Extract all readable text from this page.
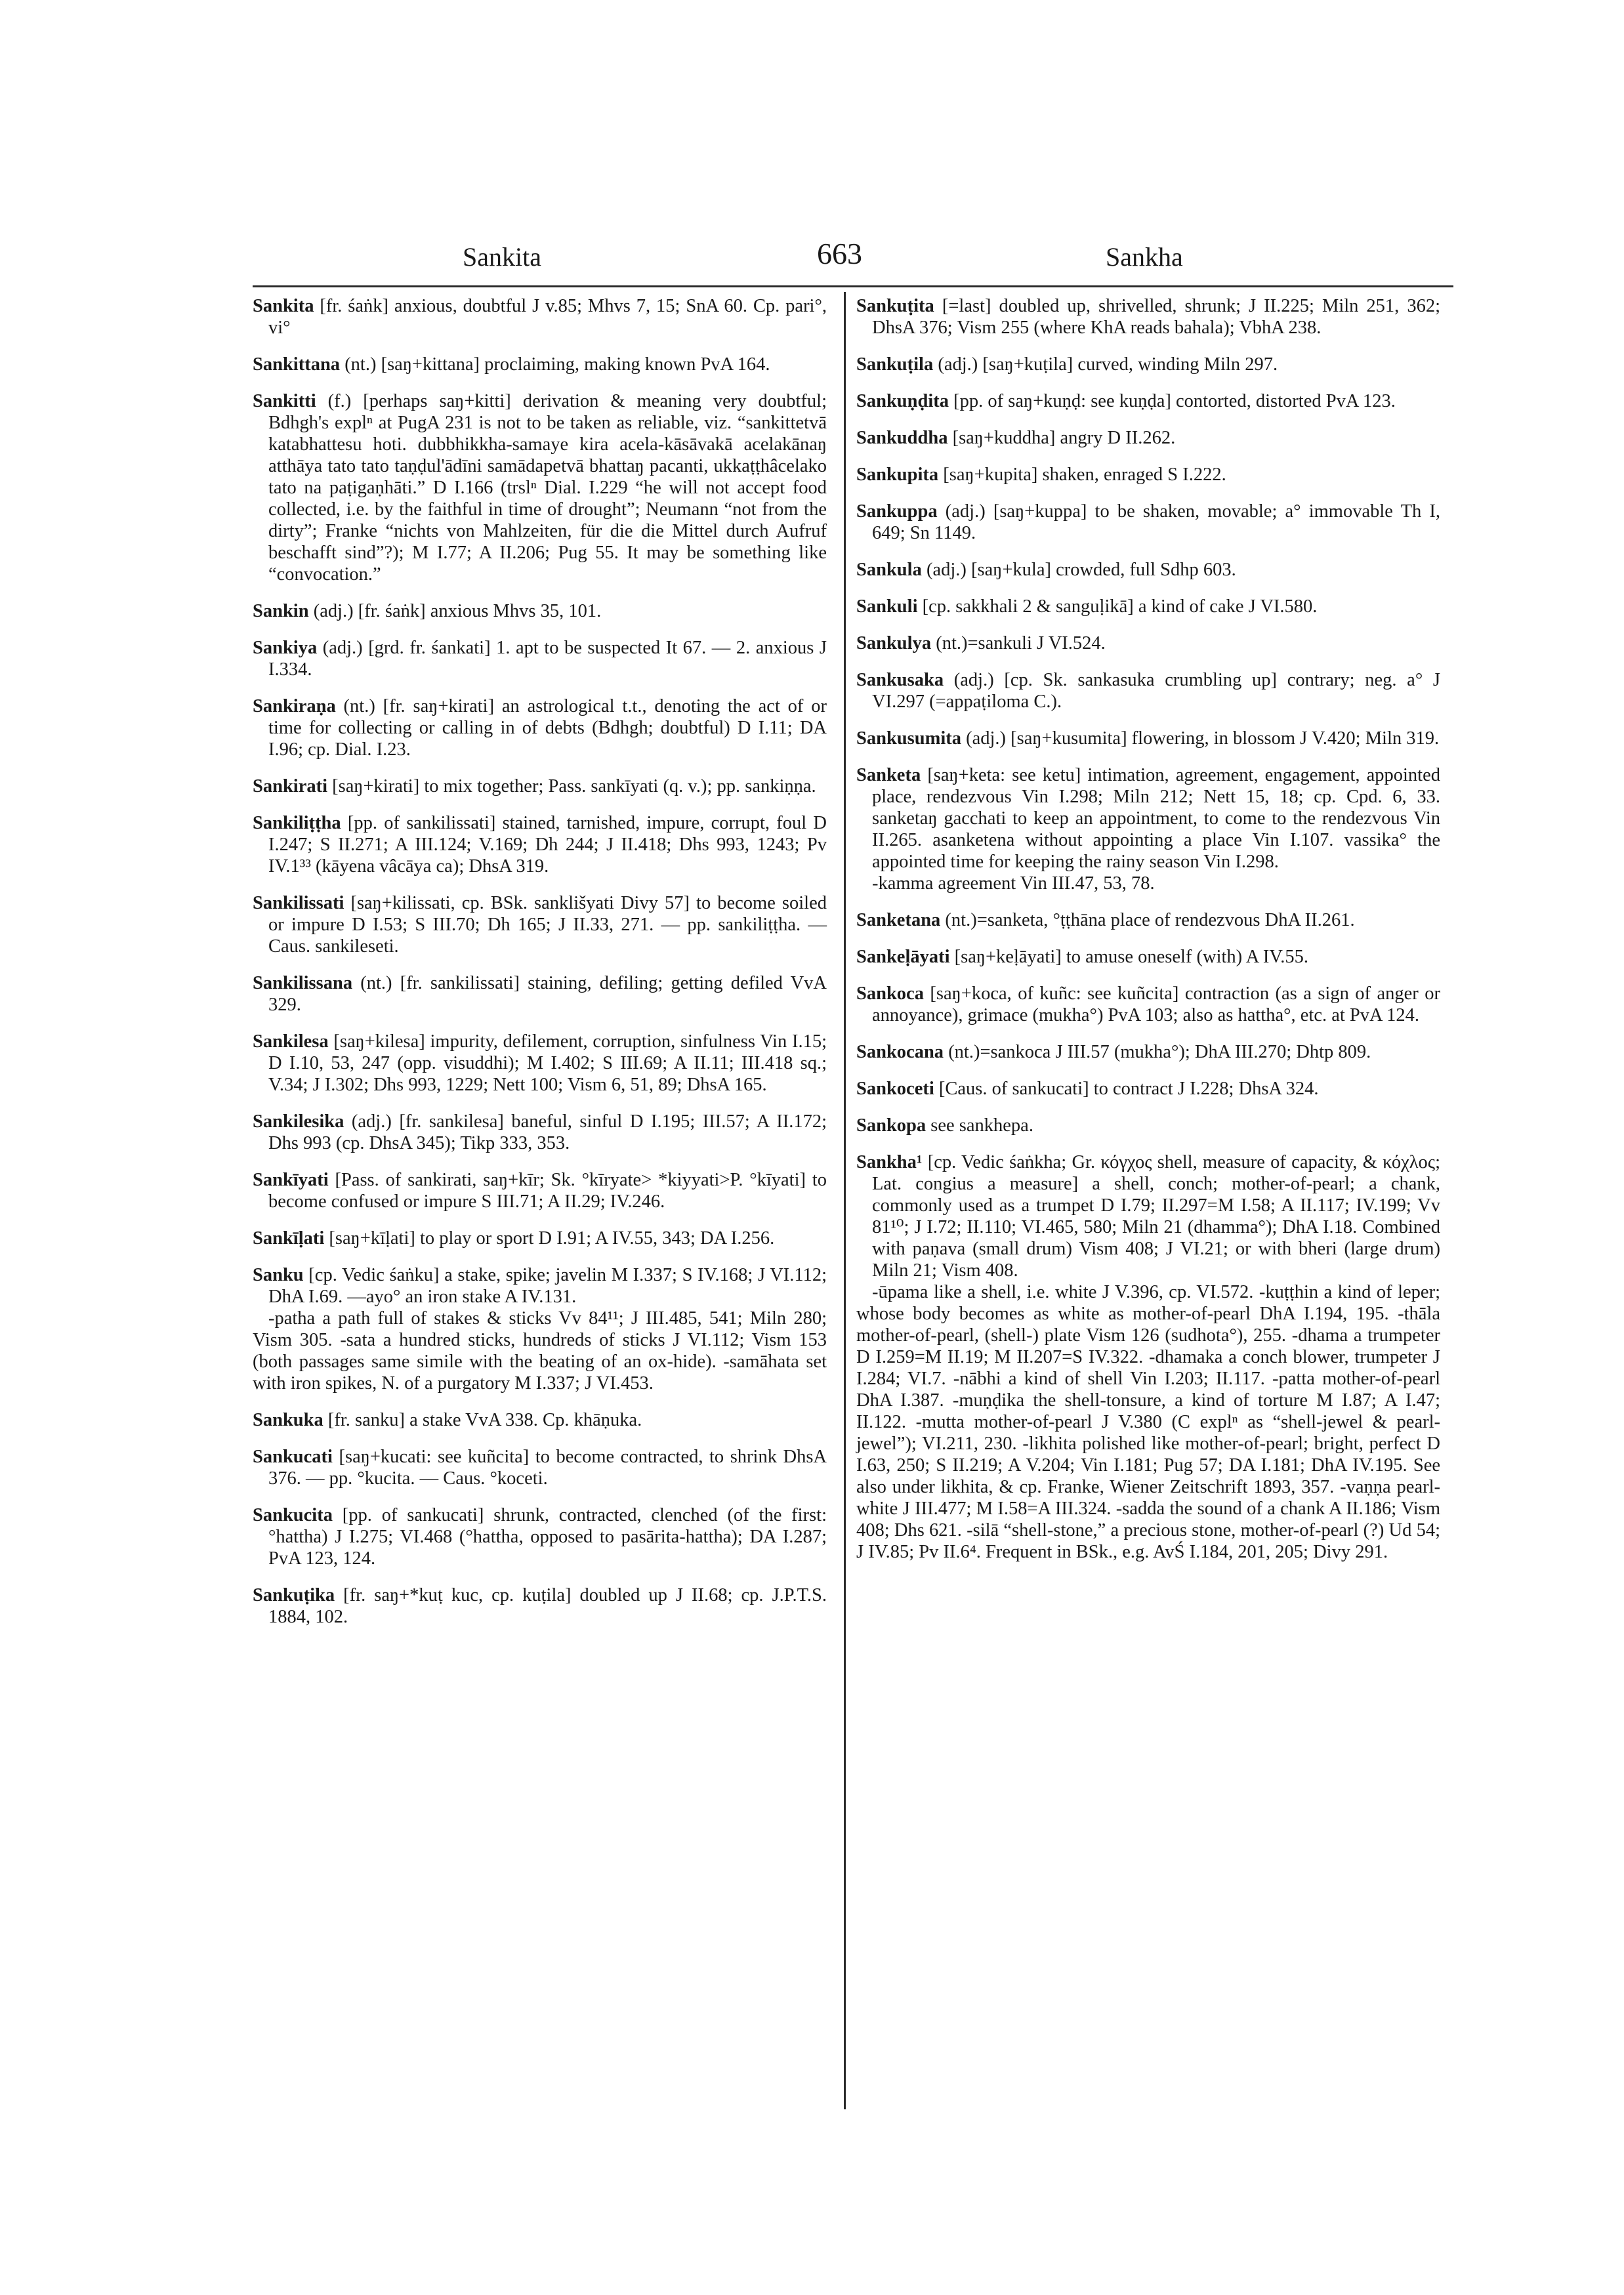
Sankita	663	Sankha

Sankita [fr. śaṅk] anxious, doubtful J v.85; Mhvs 7, 15; SnA 60. Cp. pari°, vi°

Sankittana (nt.) [saŋ+kittana] proclaiming, making known PvA 164.

Sankitti (f.) [perhaps saŋ+kitti] derivation & meaning very doubtful; Bdhgh's explⁿ at PugA 231 is not to be taken as reliable, viz. “sankittetvā katabhattesu hoti. dubbhikkha-samaye kira acela-kāsāvakā acelakānaŋ atthāya tato tato taṇḍul'ādīni samādapetvā bhattaŋ pacanti, ukkaṭṭhâcelako tato na paṭigaṇhāti.” D I.166 (trslⁿ Dial. I.229 “he will not accept food collected, i.e. by the faithful in time of drought”; Neumann “not from the dirty”; Franke “nichts von Mahlzeiten, für die die Mittel durch Aufruf beschafft sind”?); M I.77; A II.206; Pug 55. It may be something like “convocation.”

Sankin (adj.) [fr. śaṅk] anxious Mhvs 35, 101.

Sankiya (adj.) [grd. fr. śankati] 1. apt to be suspected It 67. — 2. anxious J I.334.

Sankiraṇa (nt.) [fr. saŋ+kirati] an astrological t.t., denoting the act of or time for collecting or calling in of debts (Bdhgh; doubtful) D I.11; DA I.96; cp. Dial. I.23.

Sankirati [saŋ+kirati] to mix together; Pass. sankīyati (q. v.); pp. sankiṇṇa.

Sankiliṭṭha [pp. of sankilissati] stained, tarnished, impure, corrupt, foul D I.247; S II.271; A III.124; V.169; Dh 244; J II.418; Dhs 993, 1243; Pv IV.1³³ (kāyena vâcāya ca); DhsA 319.

Sankilissati [saŋ+kilissati, cp. BSk. sanklišyati Divy 57] to become soiled or impure D I.53; S III.70; Dh 165; J II.33, 271. — pp. sankiliṭṭha. — Caus. sankileseti.

Sankilissana (nt.) [fr. sankilissati] staining, defiling; getting defiled VvA 329.

Sankilesa [saŋ+kilesa] impurity, defilement, corruption, sinfulness Vin I.15; D I.10, 53, 247 (opp. visuddhi); M I.402; S III.69; A II.11; III.418 sq.; V.34; J I.302; Dhs 993, 1229; Nett 100; Vism 6, 51, 89; DhsA 165.

Sankilesika (adj.) [fr. sankilesa] baneful, sinful D I.195; III.57; A II.172; Dhs 993 (cp. DhsA 345); Tikp 333, 353.

Sankīyati [Pass. of sankirati, saŋ+kīr; Sk. °kīryate> *kiyyati>P. °kīyati] to become confused or impure S III.71; A II.29; IV.246.

Sankīḷati [saŋ+kīḷati] to play or sport D I.91; A IV.55, 343; DA I.256.

Sanku [cp. Vedic śaṅku] a stake, spike; javelin M I.337; S IV.168; J VI.112; DhA I.69. —ayo° an iron stake A IV.131.

-patha a path full of stakes & sticks Vv 84¹¹; J III.485, 541; Miln 280; Vism 305. -sata a hundred sticks, hundreds of sticks J VI.112; Vism 153 (both passages same simile with the beating of an ox-hide). -samāhata set with iron spikes, N. of a purgatory M I.337; J VI.453.

Sankuka [fr. sanku] a stake VvA 338. Cp. khāṇuka.

Sankucati [saŋ+kucati: see kuñcita] to become contracted, to shrink DhsA 376. — pp. °kucita. — Caus. °koceti.

Sankucita [pp. of sankucati] shrunk, contracted, clenched (of the first: °hattha) J I.275; VI.468 (°hattha, opposed to pasārita-hattha); DA I.287; PvA 123, 124.

Sankuṭika [fr. saŋ+*kuṭ kuc, cp. kuṭila] doubled up J II.68; cp. J.P.T.S. 1884, 102.

Sankuṭita [=last] doubled up, shrivelled, shrunk; J II.225; Miln 251, 362; DhsA 376; Vism 255 (where KhA reads bahala); VbhA 238.

Sankuṭila (adj.) [saŋ+kuṭila] curved, winding Miln 297.

Sankuṇḍita [pp. of saŋ+kuṇḍ: see kuṇḍa] contorted, distorted PvA 123.

Sankuddha [saŋ+kuddha] angry D II.262.

Sankupita [saŋ+kupita] shaken, enraged S I.222.

Sankuppa (adj.) [saŋ+kuppa] to be shaken, movable; a° immovable Th I, 649; Sn 1149.

Sankula (adj.) [saŋ+kula] crowded, full Sdhp 603.

Sankuli [cp. sakkhali 2 & sanguḷikā] a kind of cake J VI.580.

Sankulya (nt.)=sankuli J VI.524.

Sankusaka (adj.) [cp. Sk. sankasuka crumbling up] contrary; neg. a° J VI.297 (=appaṭiloma C.).

Sankusumita (adj.) [saŋ+kusumita] flowering, in blossom J V.420; Miln 319.

Sanketa [saŋ+keta: see ketu] intimation, agreement, engagement, appointed place, rendezvous Vin I.298; Miln 212; Nett 15, 18; cp. Cpd. 6, 33. sanketaŋ gacchati to keep an appointment, to come to the rendezvous Vin II.265. asanketena without appointing a place Vin I.107. vassika° the appointed time for keeping the rainy season Vin I.298.

-kamma agreement Vin III.47, 53, 78.

Sanketana (nt.)=sanketa, °ṭṭhāna place of rendezvous DhA II.261.

Sankeḷāyati [saŋ+keḷāyati] to amuse oneself (with) A IV.55.

Sankoca [saŋ+koca, of kuñc: see kuñcita] contraction (as a sign of anger or annoyance), grimace (mukha°) PvA 103; also as hattha°, etc. at PvA 124.

Sankocana (nt.)=sankoca J III.57 (mukha°); DhA III.270; Dhtp 809.

Sankoceti [Caus. of sankucati] to contract J I.228; DhsA 324.

Sankopa see sankhepa.

Sankha¹ [cp. Vedic śaṅkha; Gr. κόγχος shell, measure of capacity, & κόχλος; Lat. congius a measure] a shell, conch; mother-of-pearl; a chank, commonly used as a trumpet D I.79; II.297=M I.58; A II.117; IV.199; Vv 81¹⁰; J I.72; II.110; VI.465, 580; Miln 21 (dhamma°); DhA I.18. Combined with paṇava (small drum) Vism 408; J VI.21; or with bheri (large drum) Miln 21; Vism 408.

-ūpama like a shell, i.e. white J V.396, cp. VI.572. -kuṭṭhin a kind of leper; whose body becomes as white as mother-of-pearl DhA I.194, 195. -thāla mother-of-pearl, (shell-) plate Vism 126 (sudhota°), 255. -dhama a trumpeter D I.259=M II.19; M II.207=S IV.322. -dhamaka a conch blower, trumpeter J I.284; VI.7. -nābhi a kind of shell Vin I.203; II.117. -patta mother-of-pearl DhA I.387. -muṇḍika the shell-tonsure, a kind of torture M I.87; A I.47; II.122. -mutta mother-of-pearl J V.380 (C explⁿ as “shell-jewel & pearl-jewel”); VI.211, 230. -likhita polished like mother-of-pearl; bright, perfect D I.63, 250; S II.219; A V.204; Vin I.181; Pug 57; DA I.181; DhA IV.195. See also under likhita, & cp. Franke, Wiener Zeitschrift 1893, 357. -vaṇṇa pearl-white J III.477; M I.58=A III.324. -sadda the sound of a chank A II.186; Vism 408; Dhs 621. -silā “shell-stone,” a precious stone, mother-of-pearl (?) Ud 54; J IV.85; Pv II.6⁴. Frequent in BSk., e.g. AvŚ I.184, 201, 205; Divy 291.
